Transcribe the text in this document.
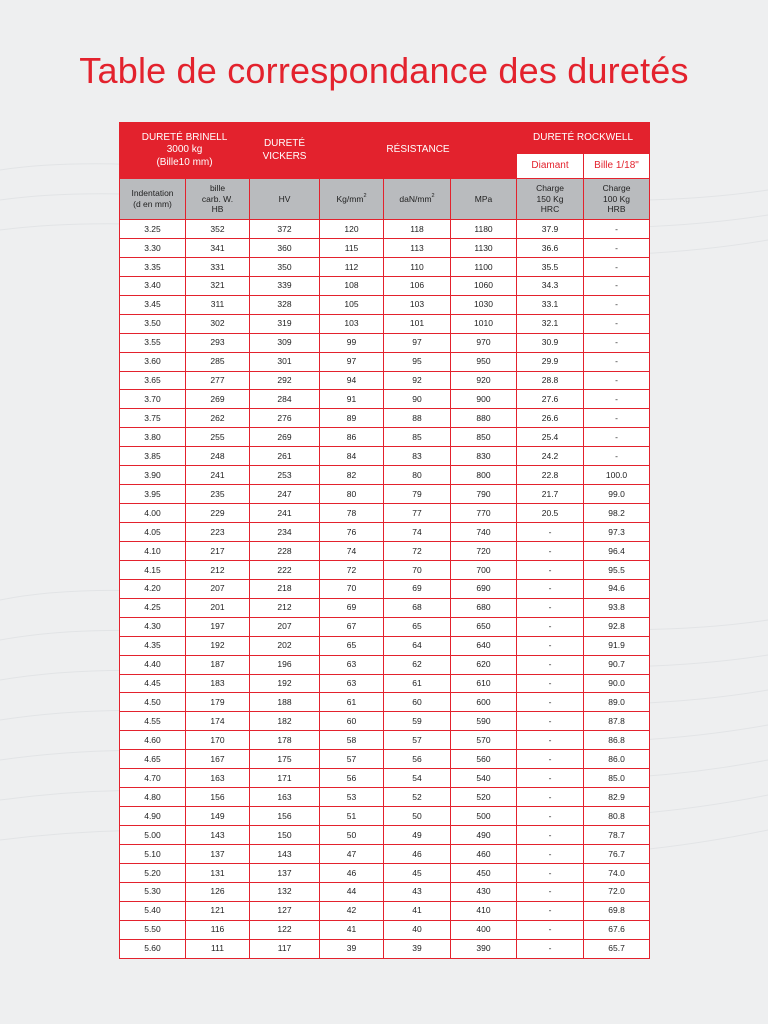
Table de correspondance des duretés
DURETÉ BRINELL
3000 kg
(Bille10 mm)		DURETÉ
VICKERS	RÉSISTANCE			DURETÉ ROCKWELL	
						Diamant	Bille 1/18"
Indentation
(d en mm)	bille
carb. W.
HB	HV	$Kg/mm^2$	daN/$mm^2$	MPa	Charge
150 Kg
HRC	Charge
100 Kg
HRB
3.25	352	372	120	118	1180	37.9	-
3.30	341	360	115	113	1130	36.6	-
3.35	331	350	112	110	1100	35.5	-
3.40	321	339	108	106	1060	34.3	-
3.45	311	328	105	103	1030	33.1	-
3.50	302	319	103	101	1010	32.1	-
3.55	293	309	99	97	970	30.9	-
3.60	285	301	97	95	950	29.9	-
3.65	277	292	94	92	920	28.8	-
3.70	269	284	91	90	900	27.6	-
3.75	262	276	89	88	880	26.6	-
3.80	255	269	86	85	850	25.4	-
3.85	248	261	84	83	830	24.2	-
3.90	241	253	82	80	800	22.8	100.0
3.95	235	247	80	79	790	21.7	99.0
4.00	229	241	78	77	770	20.5	98.2
4.05	223	234	76	74	740	-	97.3
4.10	217	228	74	72	720	-	96.4
4.15	212	222	72	70	700	-	95.5
4.20	207	218	70	69	690	-	94.6
4.25	201	212	69	68	680	-	93.8
4.30	197	207	67	65	650	-	92.8
4.35	192	202	65	64	640	-	91.9
4.40	187	196	63	62	620	-	90.7
4.45	183	192	63	61	610	-	90.0
4.50	179	188	61	60	600	-	89.0
4.55	174	182	60	59	590	-	87.8
4.60	170	178	58	57	570	-	86.8
4.65	167	175	57	56	560	-	86.0
4.70	163	171	56	54	540	-	85.0
4.80	156	163	53	52	520	-	82.9
4.90	149	156	51	50	500	-	80.8
5.00	143	150	50	49	490	-	78.7
5.10	137	143	47	46	460	-	76.7
5.20	131	137	46	45	450	-	74.0
5.30	126	132	44	43	430	-	72.0
5.40	121	127	42	41	410	-	69.8
5.50	116	122	41	40	400	-	67.6
5.60	111	117	39	39	390	-	65.7
